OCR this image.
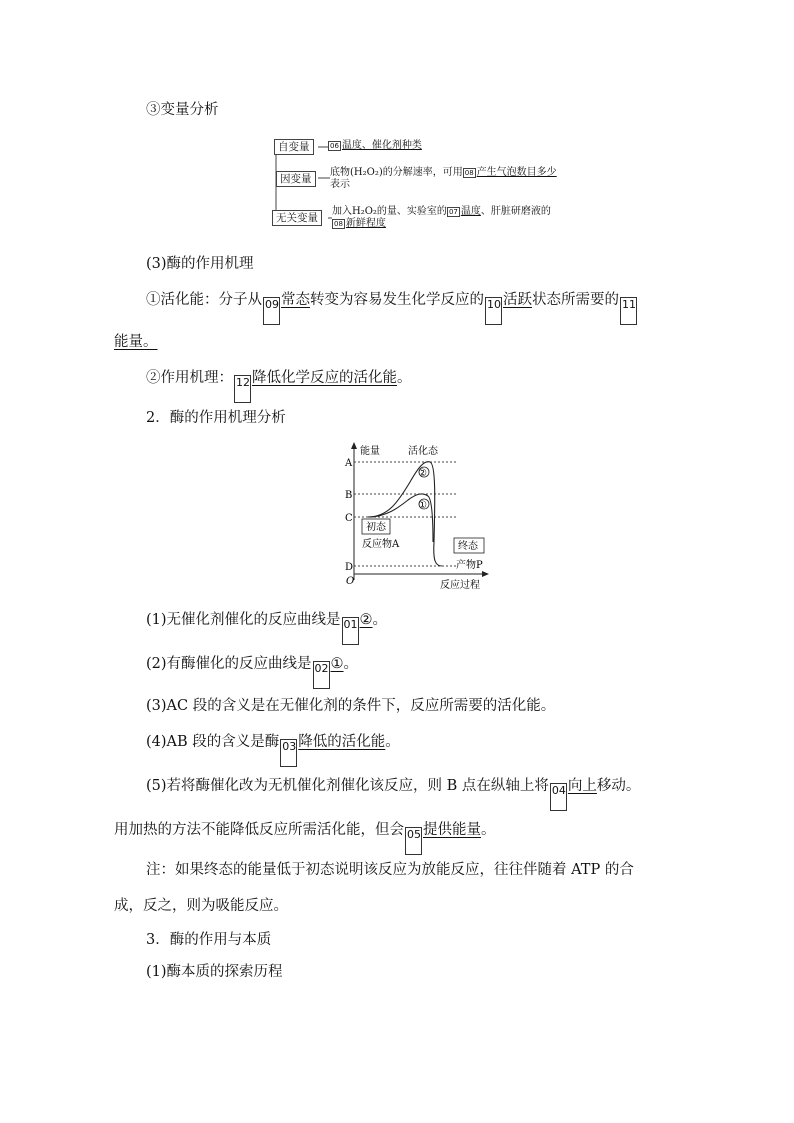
③变量分析
自变量	06 温度、催化剂种类
因变量
底物(H₂O₂)的分解速率，可用 08 产生气泡数目多少
表示
无关变量
加入H₂O₂的量、实验室的 07 温度、肝脏研磨液的
08 新鲜程度
(3)酶的作用机理
①活化能：分子从 09 常态转变为容易发生化学反应的 10 活跃状态所需要的 11
能量。
②作用机理： 12 降低化学反应的活化能。
2．酶的作用机理分析
A
B
C
D
O
能量
反应过程
活化态
②
①
初态
反应物A	终态
产物P
(1)无催化剂催化的反应曲线是 01 ②。
(2)有酶催化的反应曲线是 02 ①。
(3)AC 段的含义是在无催化剂的条件下，反应所需要的活化能。
(4)AB 段的含义是酶 03 降低的活化能。
(5)若将酶催化改为无机催化剂催化该反应，则 B 点在纵轴上将 04 向上移动。
用加热的方法不能降低反应所需活化能，但会 05 提供能量。
注：如果终态的能量低于初态说明该反应为放能反应，往往伴随着 ATP 的合
成，反之，则为吸能反应。
3．酶的作用与本质
(1)酶本质的探索历程
